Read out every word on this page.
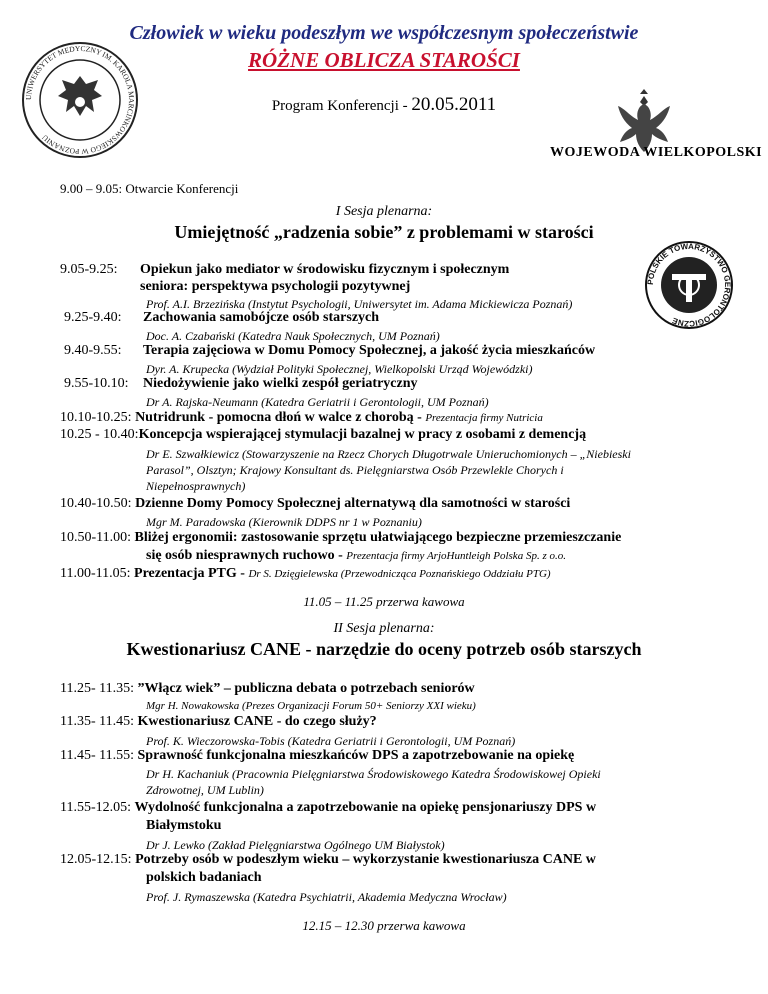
Człowiek w wieku podeszłym we współczesnym społeczeństwie
RÓŻNE OBLICZA STAROŚCI
Program Konferencji - 20.05.2011
UNIWERSYTET MEDYCZNY IM. KAROLA MARCINKOWSKIEGO W POZNANIU
WOJEWODA WIELKOPOLSKI
POLSKIE TOWARZYSTWO GERONTOLOGICZNE
9.00 – 9.05: Otwarcie Konferencji
I Sesja plenarna:
Umiejętność „radzenia sobie” z problemami w starości
9.05-9.25: Opiekun jako mediator w środowisku fizycznym i społecznym
seniora: perspektywa psychologii pozytywnej
Prof. A.I. Brzezińska (Instytut Psychologii, Uniwersytet im. Adama Mickiewicza Poznań)
9.25-9.40: Zachowania samobójcze osób starszych
Doc. A. Czabański (Katedra Nauk Społecznych, UM Poznań)
9.40-9.55: Terapia zajęciowa w Domu Pomocy Społecznej, a jakość życia mieszkańców
Dyr. A. Krupecka (Wydział Polityki Społecznej, Wielkopolski Urząd Wojewódzki)
9.55-10.10: Niedożywienie jako wielki zespół geriatryczny
Dr A. Rajska-Neumann (Katedra Geriatrii i Gerontologii, UM Poznań)
10.10-10.25: Nutridrunk - pomocna dłoń w walce z chorobą - Prezentacja firmy Nutricia
10.25 - 10.40:Koncepcja wspierającej stymulacji bazalnej w pracy z osobami z demencją
Dr E. Szwałkiewicz (Stowarzyszenie na Rzecz Chorych Długotrwale Unieruchomionych – „Niebieski
Parasol”, Olsztyn; Krajowy Konsultant ds. Pielęgniarstwa Osób Przewlekle Chorych i
Niepełnosprawnych)
10.40-10.50: Dzienne Domy Pomocy Społecznej alternatywą dla samotności w starości
Mgr M. Paradowska (Kierownik DDPS nr 1 w Poznaniu)
10.50-11.00: Bliżej ergonomii: zastosowanie sprzętu ułatwiającego bezpieczne przemieszczanie
się osób niesprawnych ruchowo - Prezentacja firmy ArjoHuntleigh Polska Sp. z o.o.
11.00-11.05: Prezentacja PTG - Dr S. Dzięgielewska (Przewodnicząca Poznańskiego Oddziału PTG)
11.05 – 11.25 przerwa kawowa
II Sesja plenarna:
Kwestionariusz CANE - narzędzie do oceny potrzeb osób starszych
11.25- 11.35: ”Włącz wiek” – publiczna debata o potrzebach seniorów
Mgr H. Nowakowska (Prezes Organizacji Forum 50+ Seniorzy XXI wieku)
11.35- 11.45: Kwestionariusz CANE - do czego służy?
Prof. K. Wieczorowska-Tobis (Katedra Geriatrii i Gerontologii, UM Poznań)
11.45- 11.55: Sprawność funkcjonalna mieszkańców DPS a zapotrzebowanie na opiekę
Dr H. Kachaniuk (Pracownia Pielęgniarstwa Środowiskowego Katedra Środowiskowej Opieki
Zdrowotnej, UM Lublin)
11.55-12.05: Wydolność funkcjonalna a zapotrzebowanie na opiekę pensjonariuszy DPS w
Białymstoku
Dr J. Lewko (Zakład Pielęgniarstwa Ogólnego UM Białystok)
12.05-12.15: Potrzeby osób w podeszłym wieku – wykorzystanie kwestionariusza CANE w
polskich badaniach
Prof. J. Rymaszewska (Katedra Psychiatrii, Akademia Medyczna Wrocław)
12.15 – 12.30 przerwa kawowa
